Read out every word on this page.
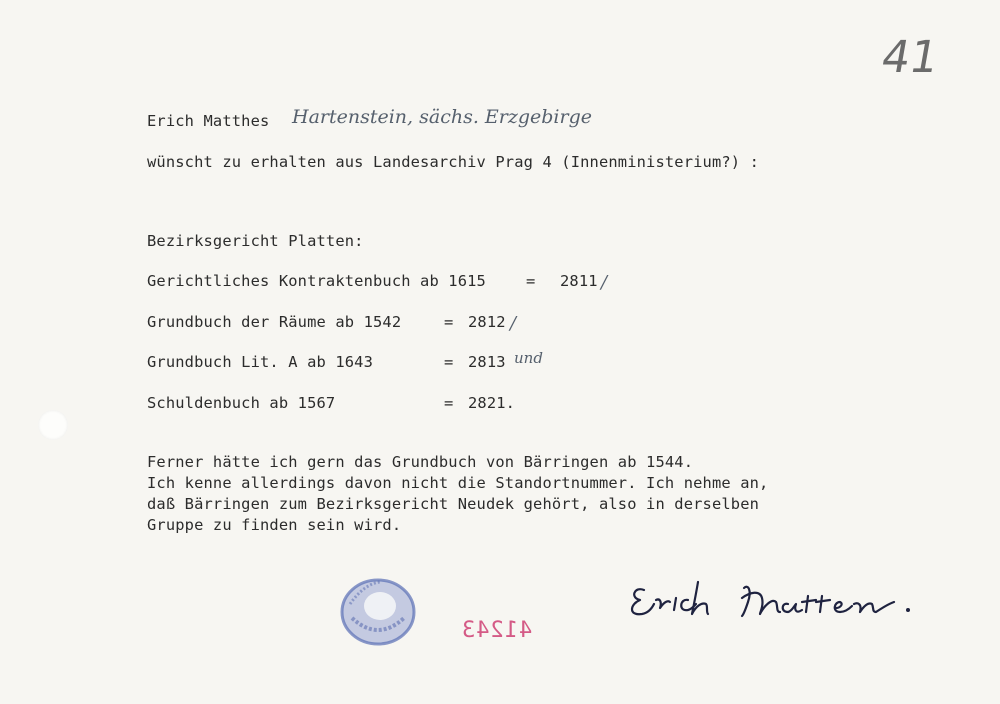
41
Erich Matthes Hartenstein, sächs. Erzgebirge
wünscht zu erhalten aus Landesarchiv Prag 4 (Innenministerium?) :
Bezirksgericht Platten:
Gerichtliches Kontraktenbuch ab 1615	= 2811 /
Grundbuch der Räume ab 1542	= 2812 /
Grundbuch Lit. A ab 1643	= 2813 und
Schuldenbuch ab 1567	= 2821.
Ferner hätte ich gern das Grundbuch von Bärringen ab 1544.
Ich kenne allerdings davon nicht die Standortnummer. Ich nehme an,
daß Bärringen zum Bezirksgericht Neudek gehört, also in derselben
Gruppe zu finden sein wird.
41243
